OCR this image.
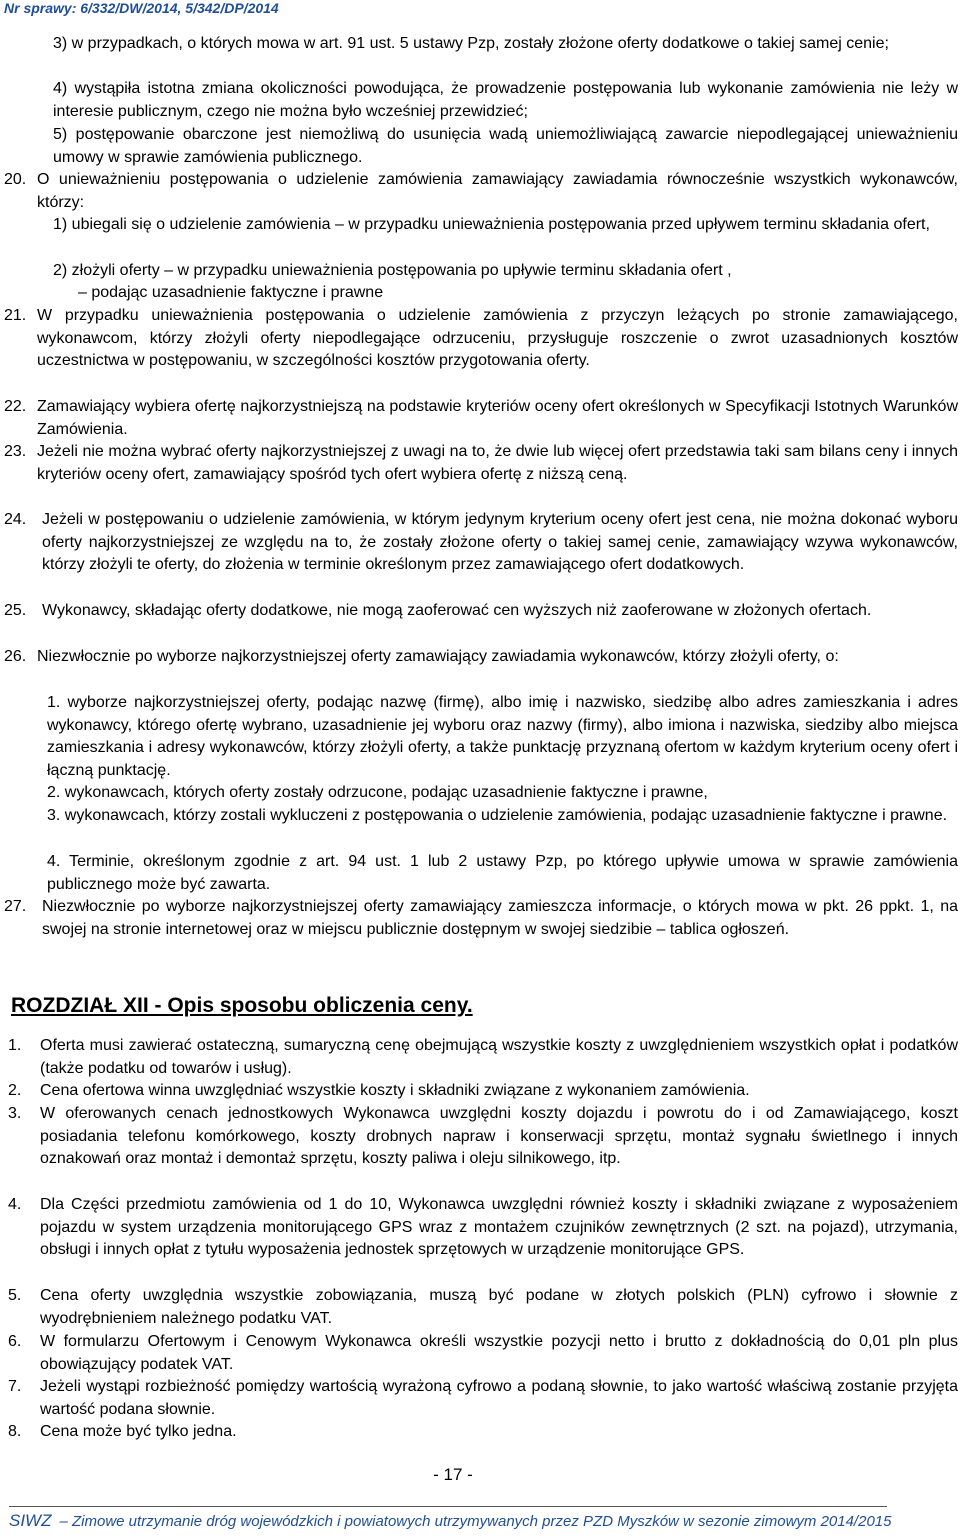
Nr sprawy: 6/332/DW/2014, 5/342/DP/2014
3) w przypadkach, o których mowa w art. 91 ust. 5 ustawy Pzp, zostały złożone oferty dodatkowe o takiej samej cenie;
4) wystąpiła istotna zmiana okoliczności powodująca, że prowadzenie postępowania lub wykonanie zamówienia nie leży w interesie publicznym, czego nie można było wcześniej przewidzieć;
5) postępowanie obarczone jest niemożliwą do usunięcia wadą uniemożliwiającą zawarcie niepodlegającej unieważnieniu umowy w sprawie zamówienia publicznego.
20. O unieważnieniu postępowania o udzielenie zamówienia zamawiający zawiadamia równocześnie wszystkich wykonawców, którzy:
1) ubiegali się o udzielenie zamówienia – w przypadku unieważnienia postępowania przed upływem terminu składania ofert,
2) złożyli oferty – w przypadku unieważnienia postępowania po upływie terminu składania ofert ,
– podając uzasadnienie faktyczne i prawne
21. W przypadku unieważnienia postępowania o udzielenie zamówienia z przyczyn leżących po stronie zamawiającego, wykonawcom, którzy złożyli oferty niepodlegające odrzuceniu, przysługuje roszczenie o zwrot uzasadnionych kosztów uczestnictwa w postępowaniu, w szczególności kosztów przygotowania oferty.
22. Zamawiający wybiera ofertę najkorzystniejszą na podstawie kryteriów oceny ofert określonych w Specyfikacji Istotnych Warunków Zamówienia.
23. Jeżeli nie można wybrać oferty najkorzystniejszej z uwagi na to, że dwie lub więcej ofert przedstawia taki sam bilans ceny i innych kryteriów oceny ofert, zamawiający spośród tych ofert wybiera ofertę z niższą ceną.
24. Jeżeli w postępowaniu o udzielenie zamówienia, w którym jedynym kryterium oceny ofert jest cena, nie można dokonać wyboru oferty najkorzystniejszej ze względu na to, że zostały złożone oferty o takiej samej cenie, zamawiający wzywa wykonawców, którzy złożyli te oferty, do złożenia w terminie określonym przez zamawiającego ofert dodatkowych.
25. Wykonawcy, składając oferty dodatkowe, nie mogą zaoferować cen wyższych niż zaoferowane w złożonych ofertach.
26. Niezwłocznie po wyborze najkorzystniejszej oferty zamawiający zawiadamia wykonawców, którzy złożyli oferty, o:
1. wyborze najkorzystniejszej oferty, podając nazwę (firmę), albo imię i nazwisko, siedzibę albo adres zamieszkania i adres wykonawcy, którego ofertę wybrano, uzasadnienie jej wyboru oraz nazwy (firmy), albo imiona i nazwiska, siedziby albo miejsca zamieszkania i adresy wykonawców, którzy złożyli oferty, a także punktację przyznaną ofertom w każdym kryterium oceny ofert i łączną punktację.
2. wykonawcach, których oferty zostały odrzucone, podając uzasadnienie faktyczne i prawne,
3. wykonawcach, którzy zostali wykluczeni z postępowania o udzielenie zamówienia, podając uzasadnienie faktyczne i prawne.
4. Terminie, określonym zgodnie z art. 94 ust. 1 lub 2 ustawy Pzp, po którego upływie umowa w sprawie zamówienia publicznego może być zawarta.
27. Niezwłocznie po wyborze najkorzystniejszej oferty zamawiający zamieszcza informacje, o których mowa w pkt. 26 ppkt. 1, na swojej na stronie internetowej oraz w miejscu publicznie dostępnym w swojej siedzibie – tablica ogłoszeń.
ROZDZIAŁ XII - Opis sposobu obliczenia ceny.
1. Oferta musi zawierać ostateczną, sumaryczną cenę obejmującą wszystkie koszty z uwzględnieniem wszystkich opłat i podatków (także podatku od towarów i usług).
2. Cena ofertowa winna uwzględniać wszystkie koszty i składniki związane z wykonaniem zamówienia.
3. W oferowanych cenach jednostkowych Wykonawca uwzględni koszty dojazdu i powrotu do i od Zamawiającego, koszt posiadania telefonu komórkowego, koszty drobnych napraw i konserwacji sprzętu, montaż sygnału świetlnego i innych oznakowań oraz montaż i demontaż sprzętu, koszty paliwa i oleju silnikowego, itp.
4. Dla Części przedmiotu zamówienia od 1 do 10, Wykonawca uwzględni również koszty i składniki związane z wyposażeniem pojazdu w system urządzenia monitorującego GPS wraz z montażem czujników zewnętrznych (2 szt. na pojazd), utrzymania, obsługi i innych opłat z tytułu wyposażenia jednostek sprzętowych w urządzenie monitorujące GPS.
5. Cena oferty uwzględnia wszystkie zobowiązania, muszą być podane w złotych polskich (PLN) cyfrowo i słownie z wyodrębnieniem należnego podatku VAT.
6. W formularzu Ofertowym i Cenowym Wykonawca określi wszystkie pozycji netto i brutto z dokładnością do 0,01 pln plus obowiązujący podatek VAT.
7. Jeżeli wystąpi rozbieżność pomiędzy wartością wyrażoną cyfrowo a podaną słownie, to jako wartość właściwą zostanie przyjęta wartość podana słownie.
8. Cena może być tylko jedna.
- 17 -
SIWZ – Zimowe utrzymanie dróg wojewódzkich i powiatowych utrzymywanych przez PZD Myszków w sezonie zimowym 2014/2015
